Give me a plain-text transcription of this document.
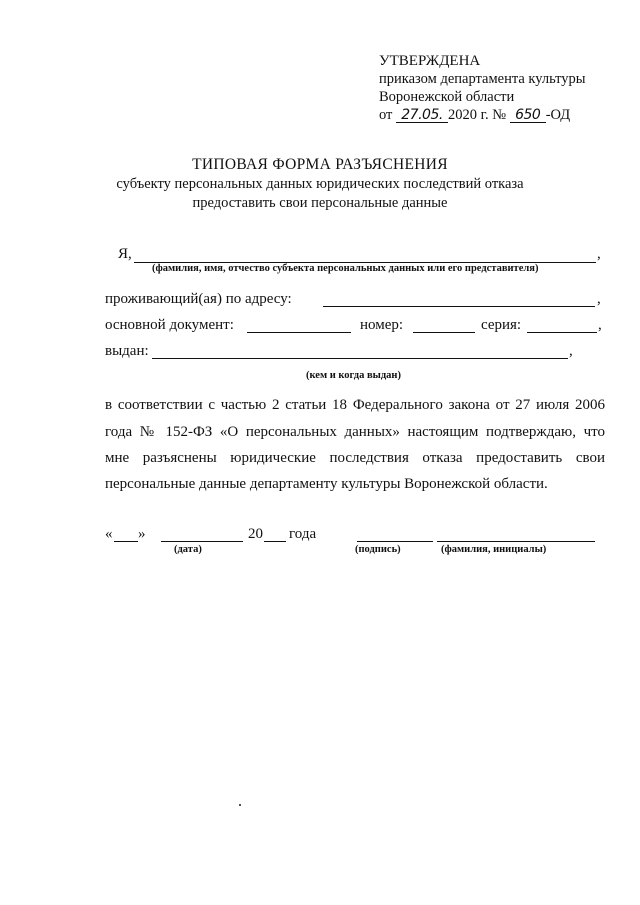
УТВЕРЖДЕНА
приказом департамента культуры
Воронежской области
от 27.05. 2020 г. № 650 -ОД
ТИПОВАЯ ФОРМА РАЗЪЯСНЕНИЯ
субъекту персональных данных юридических последствий отказа
предоставить свои персональные данные
Я,	,
(фамилия, имя, отчество субъекта персональных данных или его представителя)
проживающий(ая) по адресу:	,
основной документ:	номер:	серия:	,
выдан:	,
(кем и когда выдан)
в соответствии с частью 2 статьи 18 Федерального закона от 27 июля 2006
года № 152-ФЗ «О персональных данных» настоящим подтверждаю, что
мне разъяснены юридические последствия отказа предоставить свои
персональные данные департаменту культуры Воронежской области.
« »	20 года
(дата)	(подпись)	(фамилия, инициалы)
